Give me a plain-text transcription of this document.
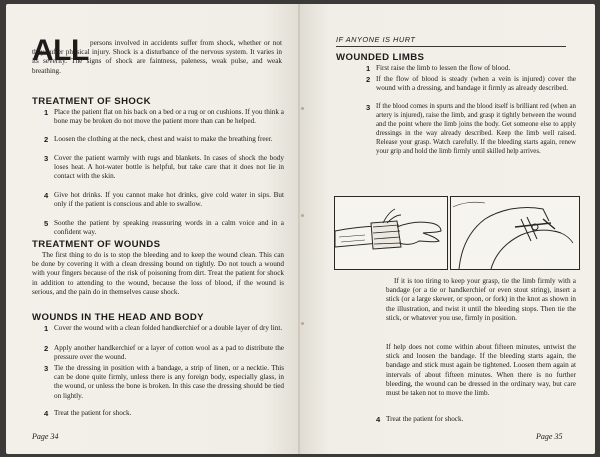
ALL persons involved in accidents suffer from shock, whether or not they suffer physical injury. Shock is a disturbance of the nervous system. It varies in its severity. The signs of shock are faintness, paleness, weak pulse, and weak breathing.

TREATMENT OF SHOCK
1 Place the patient flat on his back on a bed or a rug or on cushions. If you think a bone may be broken do not move the patient more than can be helped.
2 Loosen the clothing at the neck, chest and waist to make the breathing freer.
3 Cover the patient warmly with rugs and blankets. In cases of shock the body loses heat. A hot-water bottle is helpful, but take care that it does not lie in contact with the skin.
4 Give hot drinks. If you cannot make hot drinks, give cold water in sips. But only if the patient is conscious and able to swallow.
5 Soothe the patient by speaking reassuring words in a calm voice and in a confident way.
TREATMENT OF WOUNDS

The first thing to do is to stop the bleeding and to keep the wound clean. This can be done by covering it with a clean dressing bound on tightly. Do not touch a wound with your fingers because of the risk of poisoning from dirt. Treat the patient for shock in addition to attending to the wound, because the loss of blood, if the wound is serious, and the pain do in themselves cause shock.

WOUNDS IN THE HEAD AND BODY
1 Cover the wound with a clean folded handkerchief or a double layer of dry lint.
2 Apply another handkerchief or a layer of cotton wool as a pad to distribute the pressure over the wound.
3 Tie the dressing in position with a bandage, a strip of linen, or a necktie. This can be done quite firmly, unless there is any foreign body, especially glass, in the wound, or unless the bone is broken. In this case the dressing should be tied on lightly.
4 Treat the patient for shock.
Page 34
IF ANYONE IS HURT
WOUNDED LIMBS
1 First raise the limb to lessen the flow of blood.
2 If the flow of blood is steady (when a vein is injured) cover the wound with a dressing, and bandage it firmly as already described.
3 If the blood comes in spurts and the blood itself is brilliant red (when an artery is injured), raise the limb, and grasp it tightly between the wound and the point where the limb joins the body. Get someone else to apply dressings in the way already described. Keep the limb well raised. Release your grasp. Watch carefully. If the bleeding starts again, renew your grip and hold the limb firmly until skilled help arrives.

If it is too tiring to keep your grasp, tie the limb firmly with a bandage (or a tie or handkerchief or even stout string), insert a stick (or a large skewer, or spoon, or fork) in the knot as shown in the illustration, and twist it until the bleeding stops. Then tie the stick, or whatever you use, firmly in position.

If help does not come within about fifteen minutes, untwist the stick and loosen the bandage. If the bleeding starts again, the bandage and stick must again be tightened. Loosen them again at intervals of about fifteen minutes. When there is no further bleeding, the wound can be dressed in the ordinary way, but care must be taken not to move the limb.

4 Treat the patient for shock.
Page 35
